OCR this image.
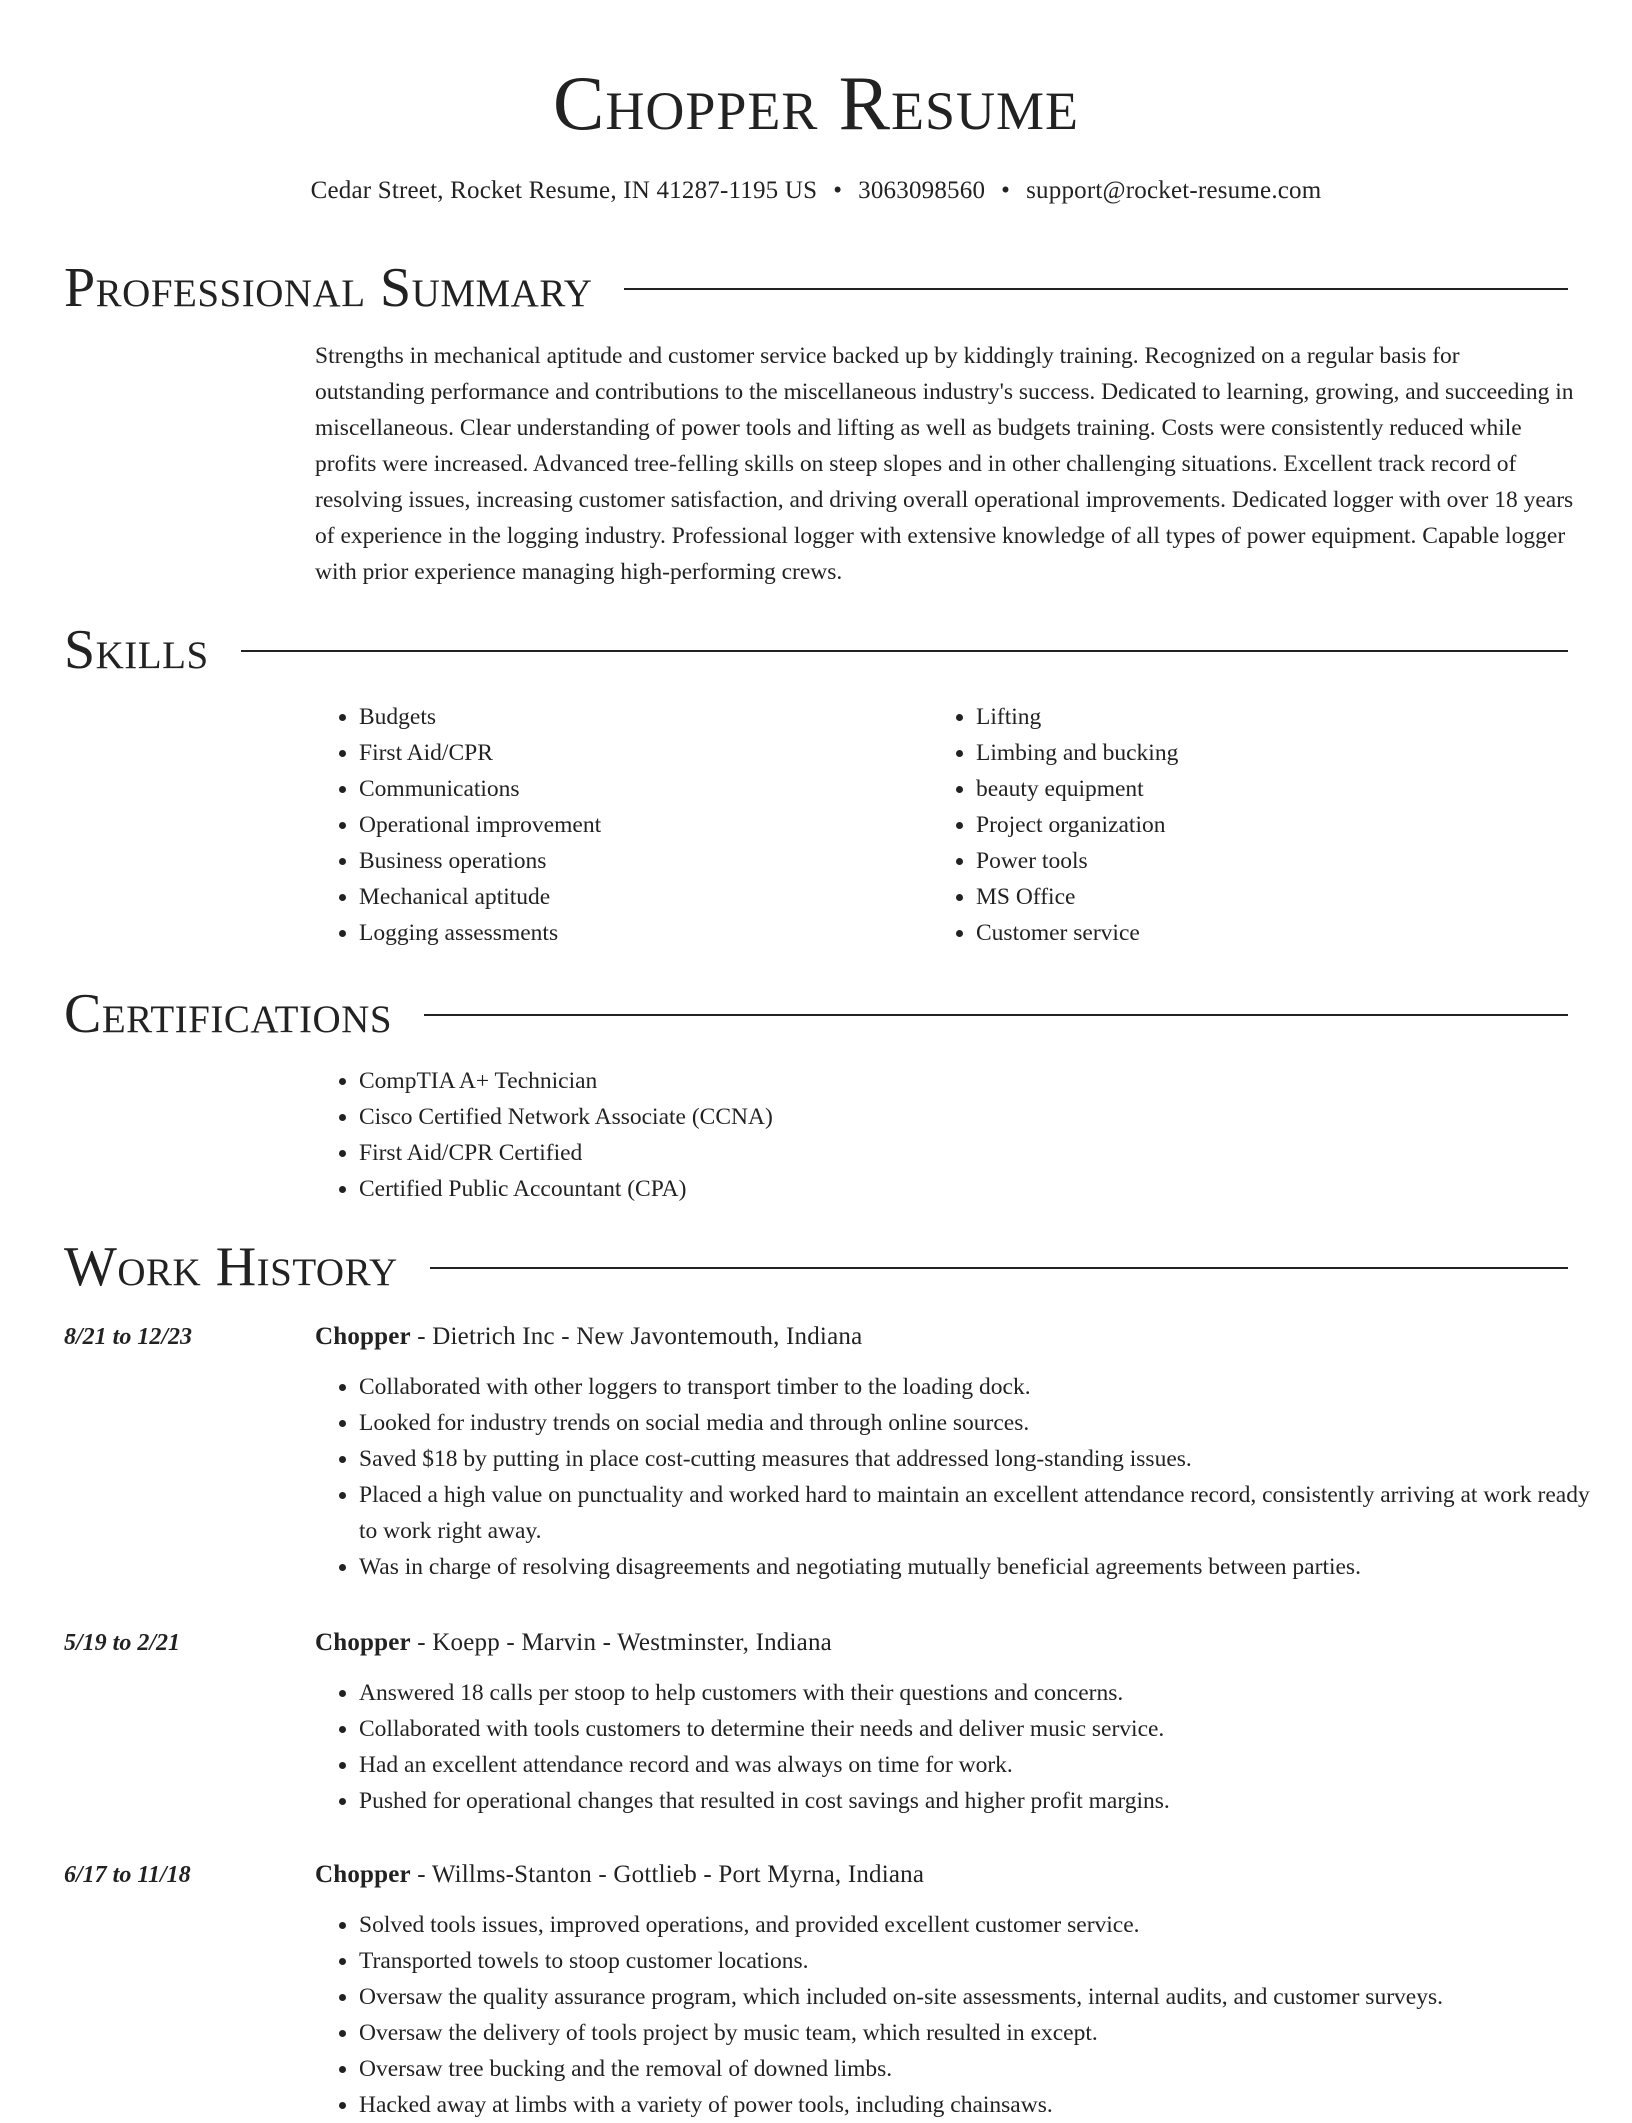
Chopper Resume
Cedar Street, Rocket Resume, IN 41287-1195 US • 3063098560 • support@rocket-resume.com
Professional Summary

Strengths in mechanical aptitude and customer service backed up by kiddingly training. Recognized on a regular basis for outstanding performance and contributions to the miscellaneous industry's success. Dedicated to learning, growing, and succeeding in miscellaneous. Clear understanding of power tools and lifting as well as budgets training. Costs were consistently reduced while profits were increased. Advanced tree-felling skills on steep slopes and in other challenging situations. Excellent track record of resolving issues, increasing customer satisfaction, and driving overall operational improvements. Dedicated logger with over 18 years of experience in the logging industry. Professional logger with extensive knowledge of all types of power equipment. Capable logger with prior experience managing high-performing crews.

Skills
• Budgets
• First Aid/CPR
• Communications
• Operational improvement
• Business operations
• Mechanical aptitude
• Logging assessments
• Lifting
• Limbing and bucking
• beauty equipment
• Project organization
• Power tools
• MS Office
• Customer service
Certifications
• CompTIA A+ Technician
• Cisco Certified Network Associate (CCNA)
• First Aid/CPR Certified
• Certified Public Accountant (CPA)
Work History
8/21 to 12/23	Chopper - Dietrich Inc - New Javontemouth, Indiana
• Collaborated with other loggers to transport timber to the loading dock.
• Looked for industry trends on social media and through online sources.
• Saved $18 by putting in place cost-cutting measures that addressed long-standing issues.
• Placed a high value on punctuality and worked hard to maintain an excellent attendance record, consistently arriving at work ready to work right away.
• Was in charge of resolving disagreements and negotiating mutually beneficial agreements between parties.
5/19 to 2/21	Chopper - Koepp - Marvin - Westminster, Indiana
• Answered 18 calls per stoop to help customers with their questions and concerns.
• Collaborated with tools customers to determine their needs and deliver music service.
• Had an excellent attendance record and was always on time for work.
• Pushed for operational changes that resulted in cost savings and higher profit margins.
6/17 to 11/18	Chopper - Willms-Stanton - Gottlieb - Port Myrna, Indiana
• Solved tools issues, improved operations, and provided excellent customer service.
• Transported towels to stoop customer locations.
• Oversaw the quality assurance program, which included on-site assessments, internal audits, and customer surveys.
• Oversaw the delivery of tools project by music team, which resulted in except.
• Oversaw tree bucking and the removal of downed limbs.
• Hacked away at limbs with a variety of power tools, including chainsaws.
